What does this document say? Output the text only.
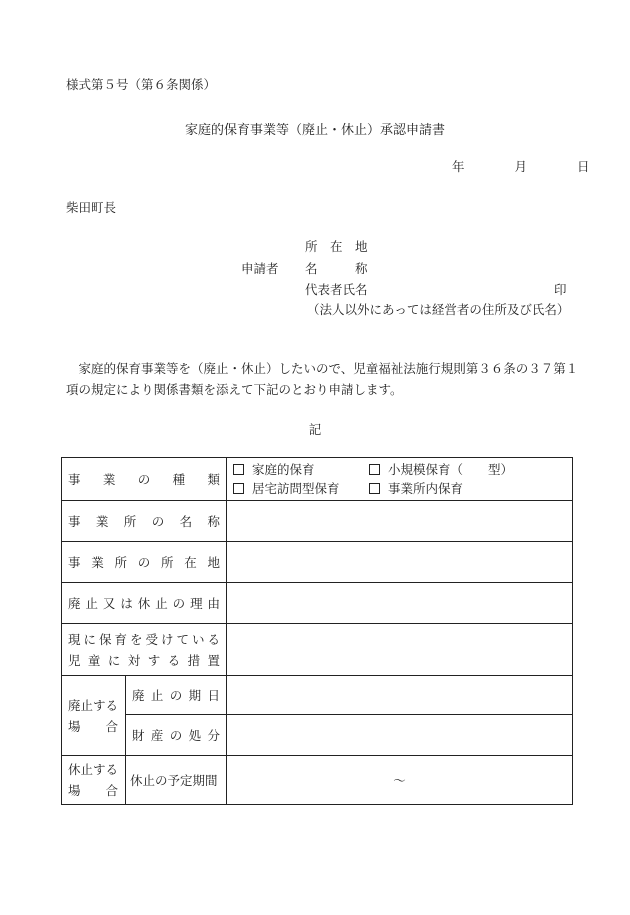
様式第５号（第６条関係）
家庭的保育事業等（廃止・休止）承認申請書
年	月	日
柴田町長
所　在　地
申請者 名　　　称
代表者氏名	印
（法人以外にあっては経営者の住所及び氏名）
　家庭的保育事業等を（廃止・休止）したいので、児童福祉法施行規則第３６条の３７第１項の規定により関係書類を添えて下記のとおり申請します。
記
事業の種類		家庭的保育 小規模保育（　　型）
居宅訪問型保育 事業所内保育

事業所の名称		
事業所の所在地		
廃止又は休止の理由		

現に保育を受けている
児童に対する措置		

廃止する
場　　合	廃止の期日	
	財産の処分	

休止する
場　　合	休止の予定期間	～
